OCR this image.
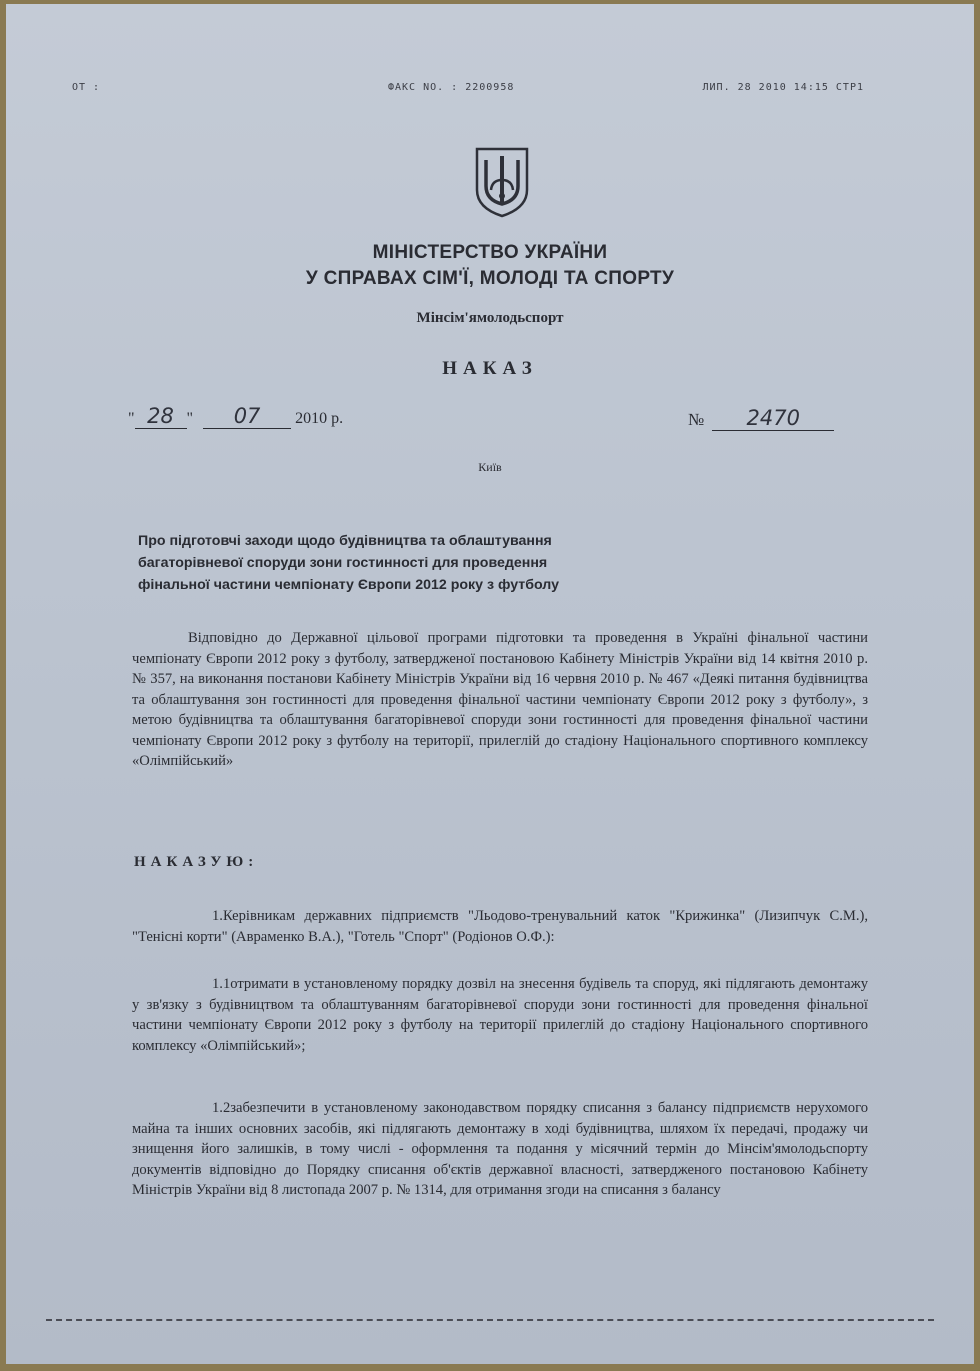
ОТ :	ФАКС NO. : 2200958	ЛИП. 28 2010 14:15 СТР1
МІНІСТЕРСТВО УКРАЇНИ
У СПРАВАХ СІМ'Ї, МОЛОДІ ТА СПОРТУ
Мінсім'ямолодьспорт
НАКАЗ
" 28 " 07 2010 р.	№ 2470
Київ
Про підготовчі заходи щодо будівництва та облаштування
багаторівневої споруди зони гостинності для проведення
фінальної частини чемпіонату Європи 2012 року з футболу
Відповідно до Державної цільової програми підготовки та проведення в Україні фінальної частини чемпіонату Європи 2012 року з футболу, затвердженої постановою Кабінету Міністрів України від 14 квітня 2010 р. № 357, на виконання постанови Кабінету Міністрів України від 16 червня 2010 р. № 467 «Деякі питання будівництва та облаштування зон гостинності для проведення фінальної частини чемпіонату Європи 2012 року з футболу», з метою будівництва та облаштування багаторівневої споруди зони гостинності для проведення фінальної частини чемпіонату Європи 2012 року з футболу на території, прилеглій до стадіону Національного спортивного комплексу «Олімпійський»
НАКАЗУЮ:
1.Керівникам державних підприємств "Льодово-тренувальний каток "Крижинка" (Лизипчук С.М.), "Тенісні корти" (Авраменко В.А.), "Готель "Спорт" (Родіонов О.Ф.):
1.1отримати в установленому порядку дозвіл на знесення будівель та споруд, які підлягають демонтажу у зв'язку з будівництвом та облаштуванням багаторівневої споруди зони гостинності для проведення фінальної частини чемпіонату Європи 2012 року з футболу на території прилеглій до стадіону Національного спортивного комплексу «Олімпійський»;
1.2забезпечити в установленому законодавством порядку списання з балансу підприємств нерухомого майна та інших основних засобів, які підлягають демонтажу в ході будівництва, шляхом їх передачі, продажу чи знищення його залишків, в тому числі - оформлення та подання у місячний термін до Мінсім'ямолодьспорту документів відповідно до Порядку списання об'єктів державної власності, затвердженого постановою Кабінету Міністрів України від 8 листопада 2007 р. № 1314, для отримання згоди на списання з балансу
